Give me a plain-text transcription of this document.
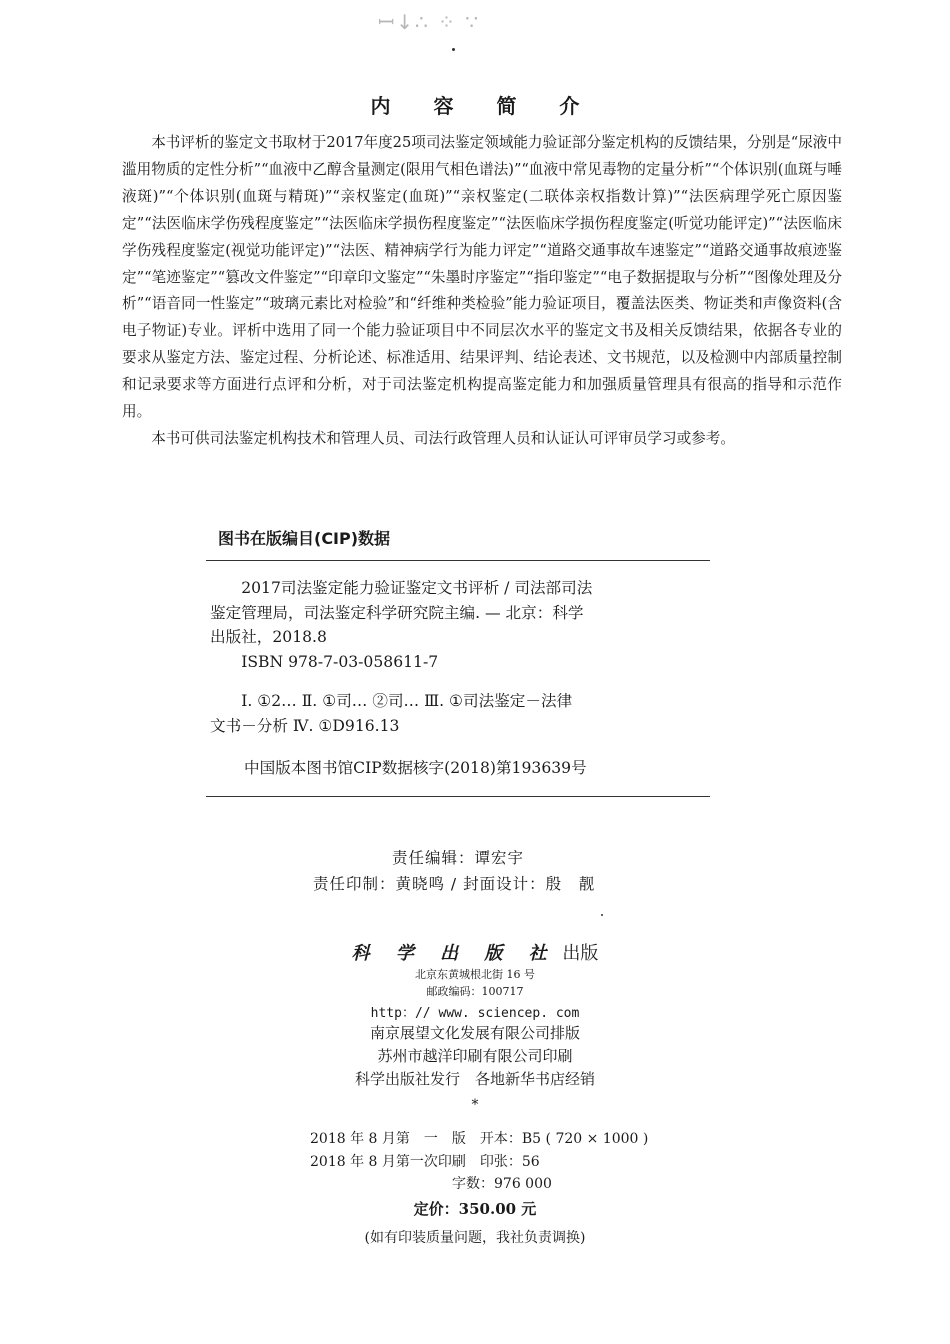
ꟷ↓∴ ⁘ ∵
内 容 简 介

本书评析的鉴定文书取材于2017年度25项司法鉴定领域能力验证部分鉴定机构的反馈结果，分别是“尿液中滥用物质的定性分析”“血液中乙醇含量测定(限用气相色谱法)”“血液中常见毒物的定量分析”“个体识别(血斑与唾液斑)”“个体识别(血斑与精斑)”“亲权鉴定(血斑)”“亲权鉴定(二联体亲权指数计算)”“法医病理学死亡原因鉴定”“法医临床学伤残程度鉴定”“法医临床学损伤程度鉴定”“法医临床学损伤程度鉴定(听觉功能评定)”“法医临床学伤残程度鉴定(视觉功能评定)”“法医、精神病学行为能力评定”“道路交通事故车速鉴定”“道路交通事故痕迹鉴定”“笔迹鉴定”“篡改文件鉴定”“印章印文鉴定”“朱墨时序鉴定”“指印鉴定”“电子数据提取与分析”“图像处理及分析”“语音同一性鉴定”“玻璃元素比对检验”和“纤维种类检验”能力验证项目，覆盖法医类、物证类和声像资料(含电子物证)专业。评析中选用了同一个能力验证项目中不同层次水平的鉴定文书及相关反馈结果，依据各专业的要求从鉴定方法、鉴定过程、分析论述、标准适用、结果评判、结论表述、文书规范，以及检测中内部质量控制和记录要求等方面进行点评和分析，对于司法鉴定机构提高鉴定能力和加强质量管理具有很高的指导和示范作用。

本书可供司法鉴定机构技术和管理人员、司法行政管理人员和认证认可评审员学习或参考。

图书在版编目(CIP)数据
2017司法鉴定能力验证鉴定文书评析 / 司法部司法
鉴定管理局，司法鉴定科学研究院主编. — 北京：科学
出版社，2018.8
ISBN 978-7-03-058611-7
Ⅰ. ①2… Ⅱ. ①司… ②司… Ⅲ. ①司法鉴定－法律
文书－分析 Ⅳ. ①D916.13
中国版本图书馆CIP数据核字(2018)第193639号
责任编辑：谭宏宇
责任印制：黄晓鸣 / 封面设计：殷　靓
科 学 出 版 社 出版
北京东黄城根北街 16 号
邮政编码：100717
http：// www. sciencep. com
南京展望文化发展有限公司排版
苏州市越洋印刷有限公司印刷
科学出版社发行　各地新华书店经销
*
2018 年 8 月第　一　版　开本：B5 ( 720 × 1000 )
2018 年 8 月第一次印刷　印张：56
字数：976 000
定价：350.00 元
(如有印装质量问题，我社负责调换)
